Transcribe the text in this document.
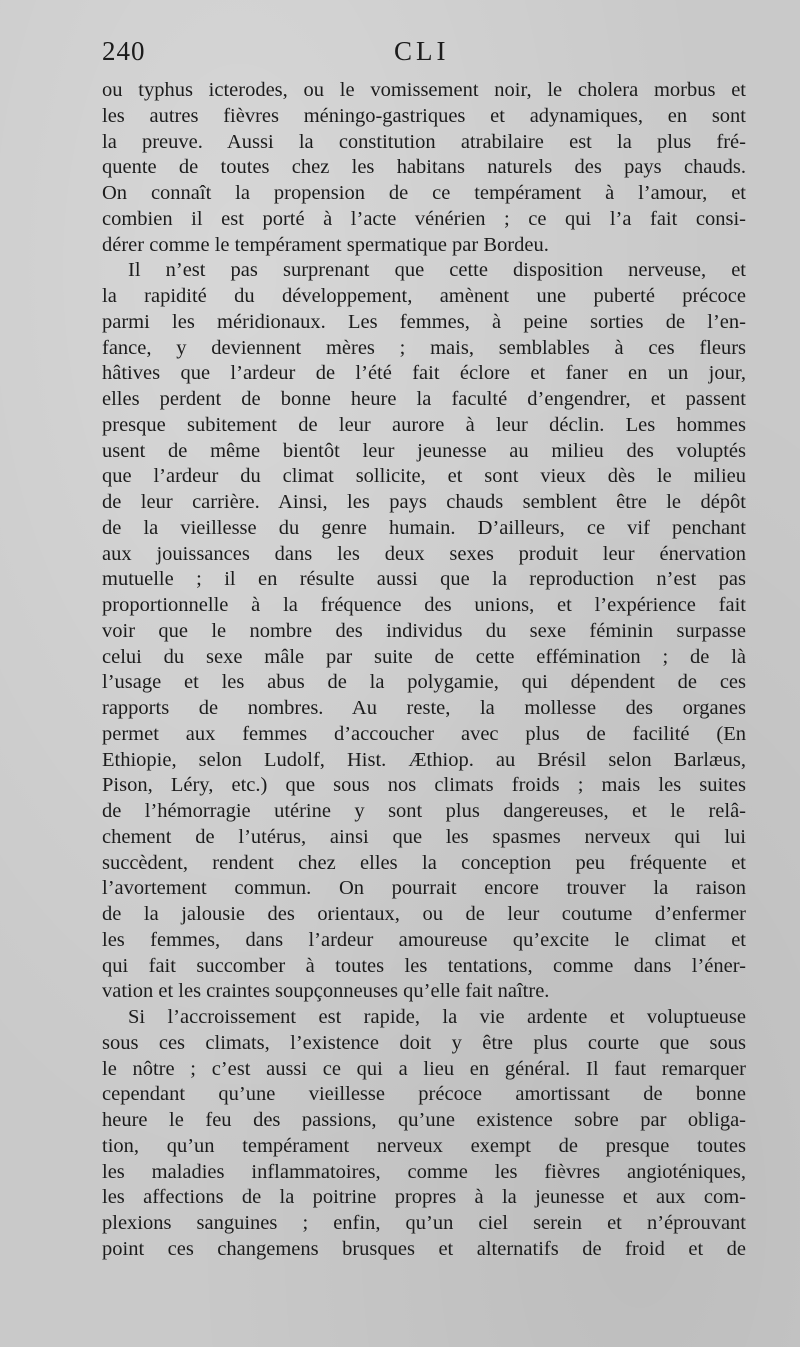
240	CLI
ou typhus icterodes, ou le vomissement noir, le cholera morbus et
les autres fièvres méningo-gastriques et adynamiques, en sont
la preuve. Aussi la constitution atrabilaire est la plus fré-
quente de toutes chez les habitans naturels des pays chauds.
On connaît la propension de ce tempérament à l’amour, et
combien il est porté à l’acte vénérien ; ce qui l’a fait consi-
dérer comme le tempérament spermatique par Bordeu.
Il n’est pas surprenant que cette disposition nerveuse, et
la rapidité du développement, amènent une puberté précoce
parmi les méridionaux. Les femmes, à peine sorties de l’en-
fance, y deviennent mères ; mais, semblables à ces fleurs
hâtives que l’ardeur de l’été fait éclore et faner en un jour,
elles perdent de bonne heure la faculté d’engendrer, et passent
presque subitement de leur aurore à leur déclin. Les hommes
usent de même bientôt leur jeunesse au milieu des voluptés
que l’ardeur du climat sollicite, et sont vieux dès le milieu
de leur carrière. Ainsi, les pays chauds semblent être le dépôt
de la vieillesse du genre humain. D’ailleurs, ce vif penchant
aux jouissances dans les deux sexes produit leur énervation
mutuelle ; il en résulte aussi que la reproduction n’est pas
proportionnelle à la fréquence des unions, et l’expérience fait
voir que le nombre des individus du sexe féminin surpasse
celui du sexe mâle par suite de cette effémination ; de là
l’usage et les abus de la polygamie, qui dépendent de ces
rapports de nombres. Au reste, la mollesse des organes
permet aux femmes d’accoucher avec plus de facilité (En
Ethiopie, selon Ludolf, Hist. Æthiop. au Brésil selon Barlæus,
Pison, Léry, etc.) que sous nos climats froids ; mais les suites
de l’hémorragie utérine y sont plus dangereuses, et le relâ-
chement de l’utérus, ainsi que les spasmes nerveux qui lui
succèdent, rendent chez elles la conception peu fréquente et
l’avortement commun. On pourrait encore trouver la raison
de la jalousie des orientaux, ou de leur coutume d’enfermer
les femmes, dans l’ardeur amoureuse qu’excite le climat et
qui fait succomber à toutes les tentations, comme dans l’éner-
vation et les craintes soupçonneuses qu’elle fait naître.
Si l’accroissement est rapide, la vie ardente et voluptueuse
sous ces climats, l’existence doit y être plus courte que sous
le nôtre ; c’est aussi ce qui a lieu en général. Il faut remarquer
cependant qu’une vieillesse précoce amortissant de bonne
heure le feu des passions, qu’une existence sobre par obliga-
tion, qu’un tempérament nerveux exempt de presque toutes
les maladies inflammatoires, comme les fièvres angioténiques,
les affections de la poitrine propres à la jeunesse et aux com-
plexions sanguines ; enfin, qu’un ciel serein et n’éprouvant
point ces changemens brusques et alternatifs de froid et de
